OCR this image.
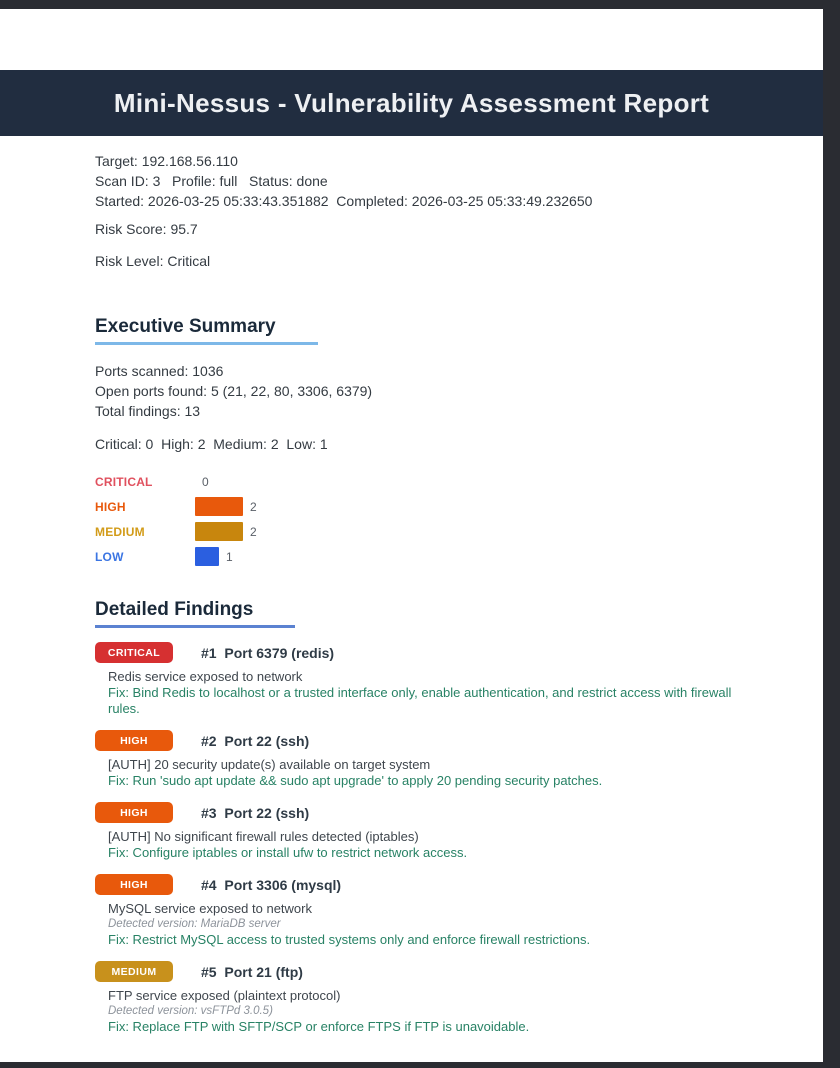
Mini-Nessus - Vulnerability Assessment Report
Target: 192.168.56.110
Scan ID: 3   Profile: full   Status: done
Started: 2026-03-25 05:33:43.351882  Completed: 2026-03-25 05:33:49.232650
Risk Score: 95.7
Risk Level: Critical
Executive Summary
Ports scanned: 1036
Open ports found: 5 (21, 22, 80, 3306, 6379)
Total findings: 13
Critical: 0  High: 2  Medium: 2  Low: 1
CRITICAL	0
HIGH	2
MEDIUM	2
LOW	1
Detailed Findings
CRITICAL	#1  Port 6379 (redis)
Redis service exposed to network
Fix: Bind Redis to localhost or a trusted interface only, enable authentication, and restrict access with firewall rules.
HIGH	#2  Port 22 (ssh)
[AUTH] 20 security update(s) available on target system
Fix: Run 'sudo apt update && sudo apt upgrade' to apply 20 pending security patches.
HIGH	#3  Port 22 (ssh)
[AUTH] No significant firewall rules detected (iptables)
Fix: Configure iptables or install ufw to restrict network access.
HIGH	#4  Port 3306 (mysql)
MySQL service exposed to network
Detected version: MariaDB server
Fix: Restrict MySQL access to trusted systems only and enforce firewall restrictions.
MEDIUM	#5  Port 21 (ftp)
FTP service exposed (plaintext protocol)
Detected version: vsFTPd 3.0.5)
Fix: Replace FTP with SFTP/SCP or enforce FTPS if FTP is unavoidable.
